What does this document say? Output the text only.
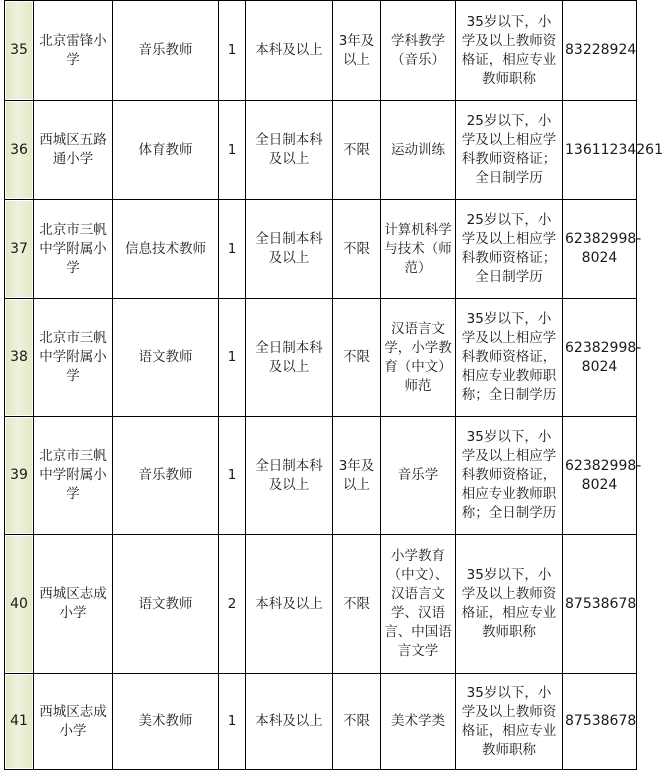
35	北京雷锋小学	音乐教师	1	本科及以上	3年及以上	学科教学（音乐）	35岁以下，小学及以上教师资格证，相应专业教师职称	83228924
36	西城区五路通小学	体育教师	1	全日制本科及以上	不限	运动训练	25岁以下，小学及以上相应学科教师资格证；全日制学历	13611234261
37	北京市三帆中学附属小学	信息技术教师	1	全日制本科及以上	不限	计算机科学与技术（师范）	25岁以下，小学及以上相应学科教师资格证；全日制学历	62382998-8024
38	北京市三帆中学附属小学	语文教师	1	全日制本科及以上	不限	汉语言文学，小学教育（中文）师范	35岁以下，小学及以上相应学科教师资格证，相应专业教师职称；全日制学历	62382998-8024
39	北京市三帆中学附属小学	音乐教师	1	全日制本科及以上	3年及以上	音乐学	35岁以下，小学及以上相应学科教师资格证，相应专业教师职称；全日制学历	62382998-8024
40	西城区志成小学	语文教师	2	本科及以上	不限	小学教育（中文）、汉语言文学、汉语言、中国语言文学	35岁以下，小学及以上教师资格证，相应专业教师职称	87538678
41	西城区志成小学	美术教师	1	本科及以上	不限	美术学类	35岁以下，小学及以上教师资格证，相应专业教师职称	87538678
